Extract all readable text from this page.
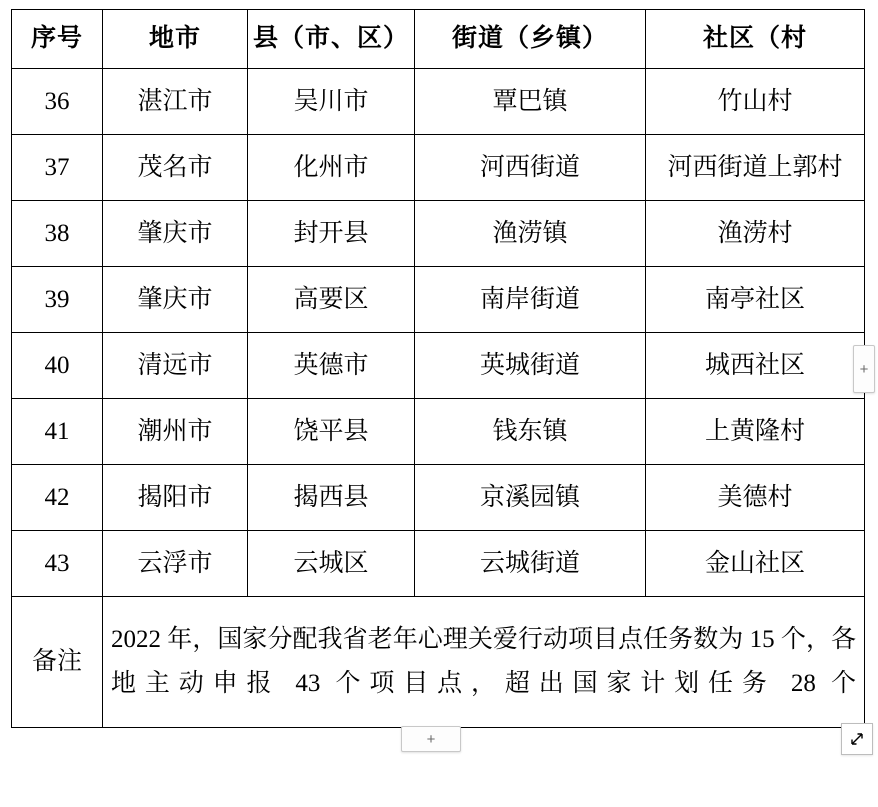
序号	地市	县（市、区）	街道（乡镇）	社区（村
36	湛江市	吴川市	覃巴镇	竹山村
37	茂名市	化州市	河西街道	河西街道上郭村
38	肇庆市	封开县	渔涝镇	渔涝村
39	肇庆市	高要区	南岸街道	南亭社区
40	清远市	英德市	英城街道	城西社区
41	潮州市	饶平县	钱东镇	上黄隆村
42	揭阳市	揭西县	京溪园镇	美德村
43	云浮市	云城区	云城街道	金山社区
备注	2022 年，国家分配我省老年心理关爱行动项目点任务数为 15 个，各地主动申报 43 个项目点，超出国家计划任务 28 个			
+
+
